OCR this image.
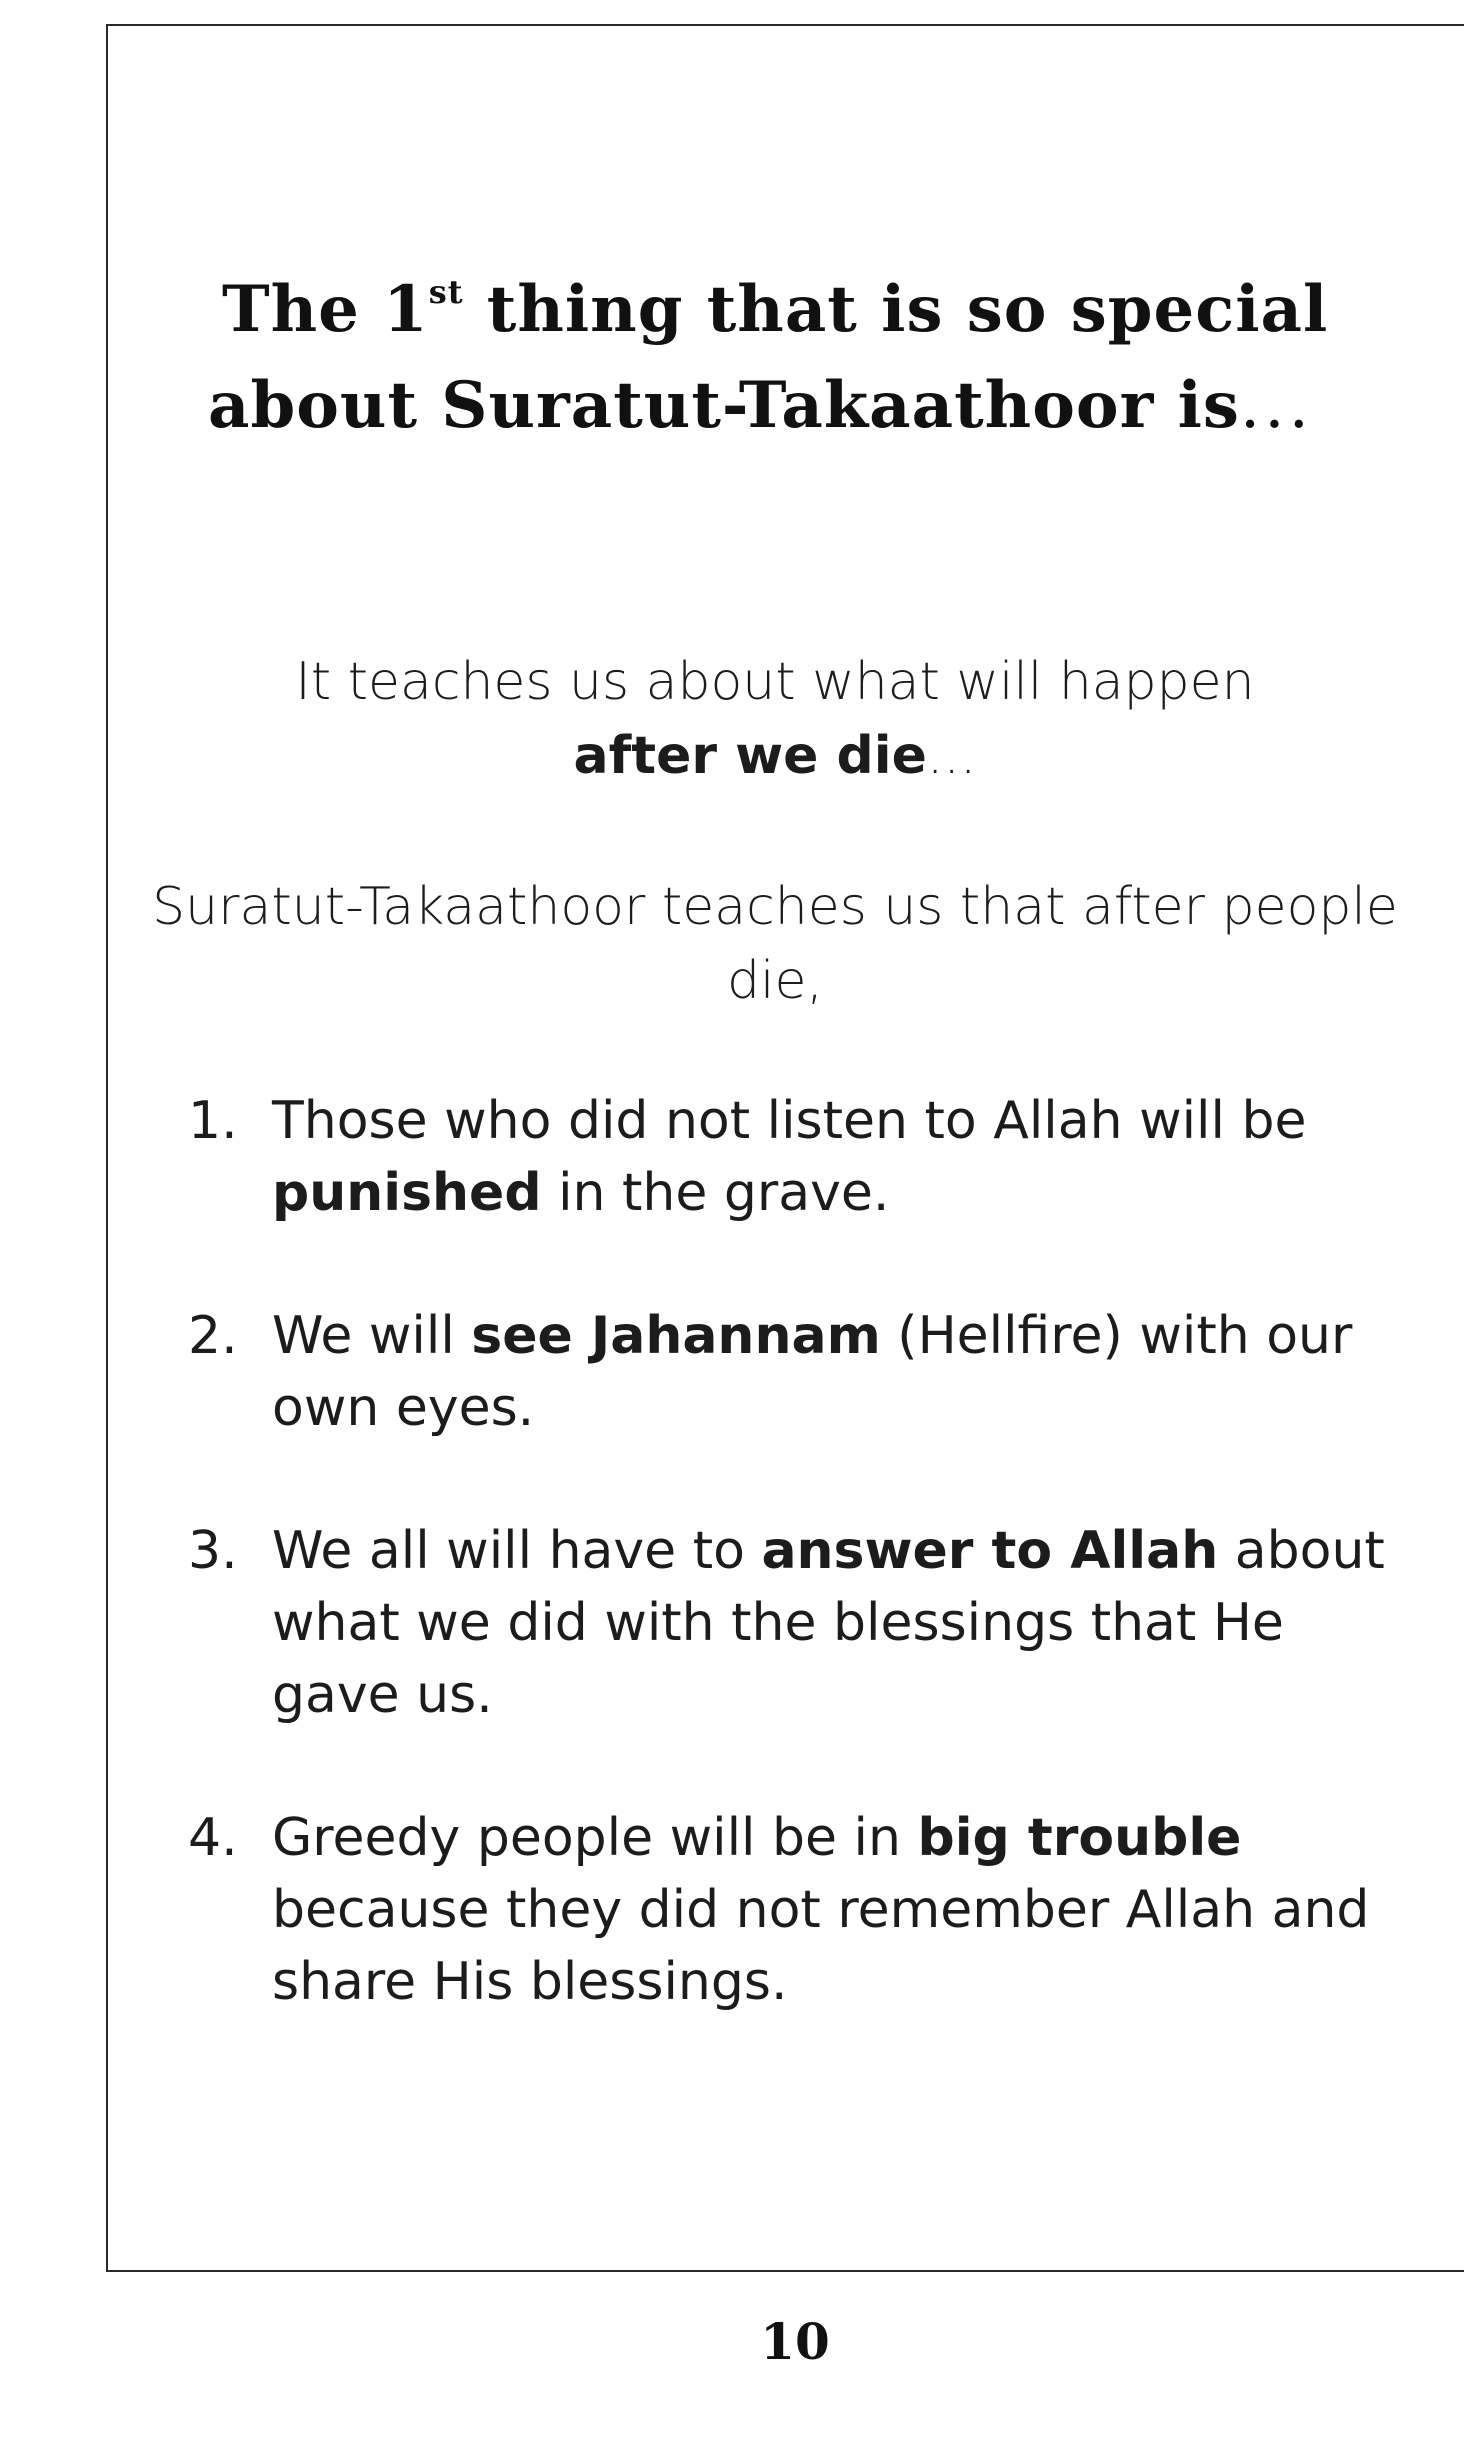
The 1st thing that is so special
about Suratut-Takaathoor is...
It teaches us about what will happen
after we die...
Suratut-Takaathoor teaches us that after people die,
1. Those who did not listen to Allah will be punished in the grave.
2. We will see Jahannam (Hellfire) with our own eyes.
3. We all will have to answer to Allah about what we did with the blessings that He gave us.
4. Greedy people will be in big trouble because they did not remember Allah and share His blessings.
10
